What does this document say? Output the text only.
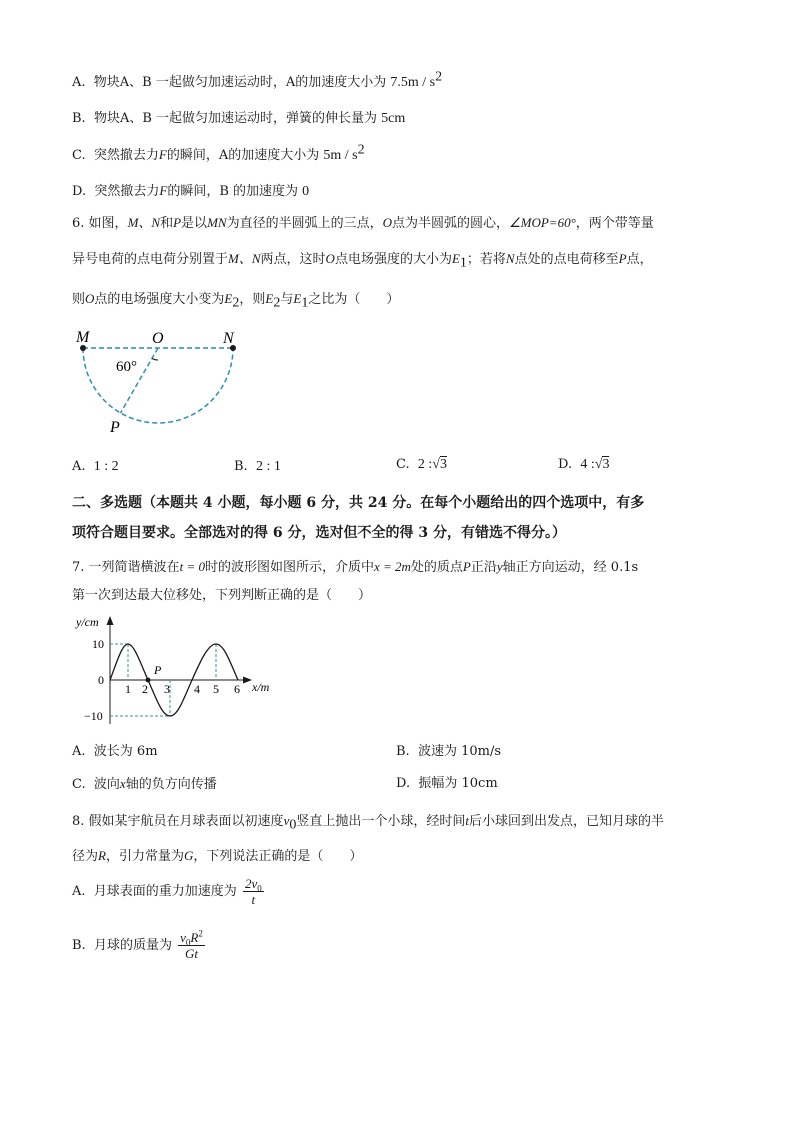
A. 物块A、B 一起做匀加速运动时，A的加速度大小为 $7.5m / s^2$
B. 物块A、B 一起做匀加速运动时，弹簧的伸长量为 5cm
C. 突然撤去力F的瞬间，A的加速度大小为 $5m / s^2$
D. 突然撤去力F的瞬间，B 的加速度为 0
6. 如图，M、N和P是以MN为直径的半圆弧上的三点，O点为半圆弧的圆心，∠MOP=60°，两个带等量
异号电荷的点电荷分别置于M、N两点，这时O点电场强度的大小为$E_1$；若将N点处的点电荷移至P点，
则O点的电场强度大小变为$E_2$，则$E_2$与$E_1$之比为（　　）
M	O	N
P
60°
A. 1 : 2	B. 2 : 1	C. 2 :√3	D. 4 :√3
二、多选题（本题共 4 小题，每小题 6 分，共 24 分。在每个小题给出的四个选项中，有多
项符合题目要求。全部选对的得 6 分，选对但不全的得 3 分，有错选不得分。）
7. 一列简谐横波在t = 0时的波形图如图所示，介质中x = 2m处的质点P正沿y轴正方向运动，经 0.1s
第一次到达最大位移处，下列判断正确的是（　　）
y/cm
x/m
10
0
−10
1 2 3 4 5 6
P
A. 波长为 6m	B. 波速为 10m/s
C. 波向x轴的负方向传播	D. 振幅为 10cm
8. 假如某宇航员在月球表面以初速度$v_0$竖直上抛出一个小球，经时间t后小球回到出发点，已知月球的半
径为R，引力常量为G，下列说法正确的是（　　）
A. 月球表面的重力加速度为 $\frac{2v_0}{t}$
B. 月球的质量为 $\frac{v_0R^2}{Gt}$
